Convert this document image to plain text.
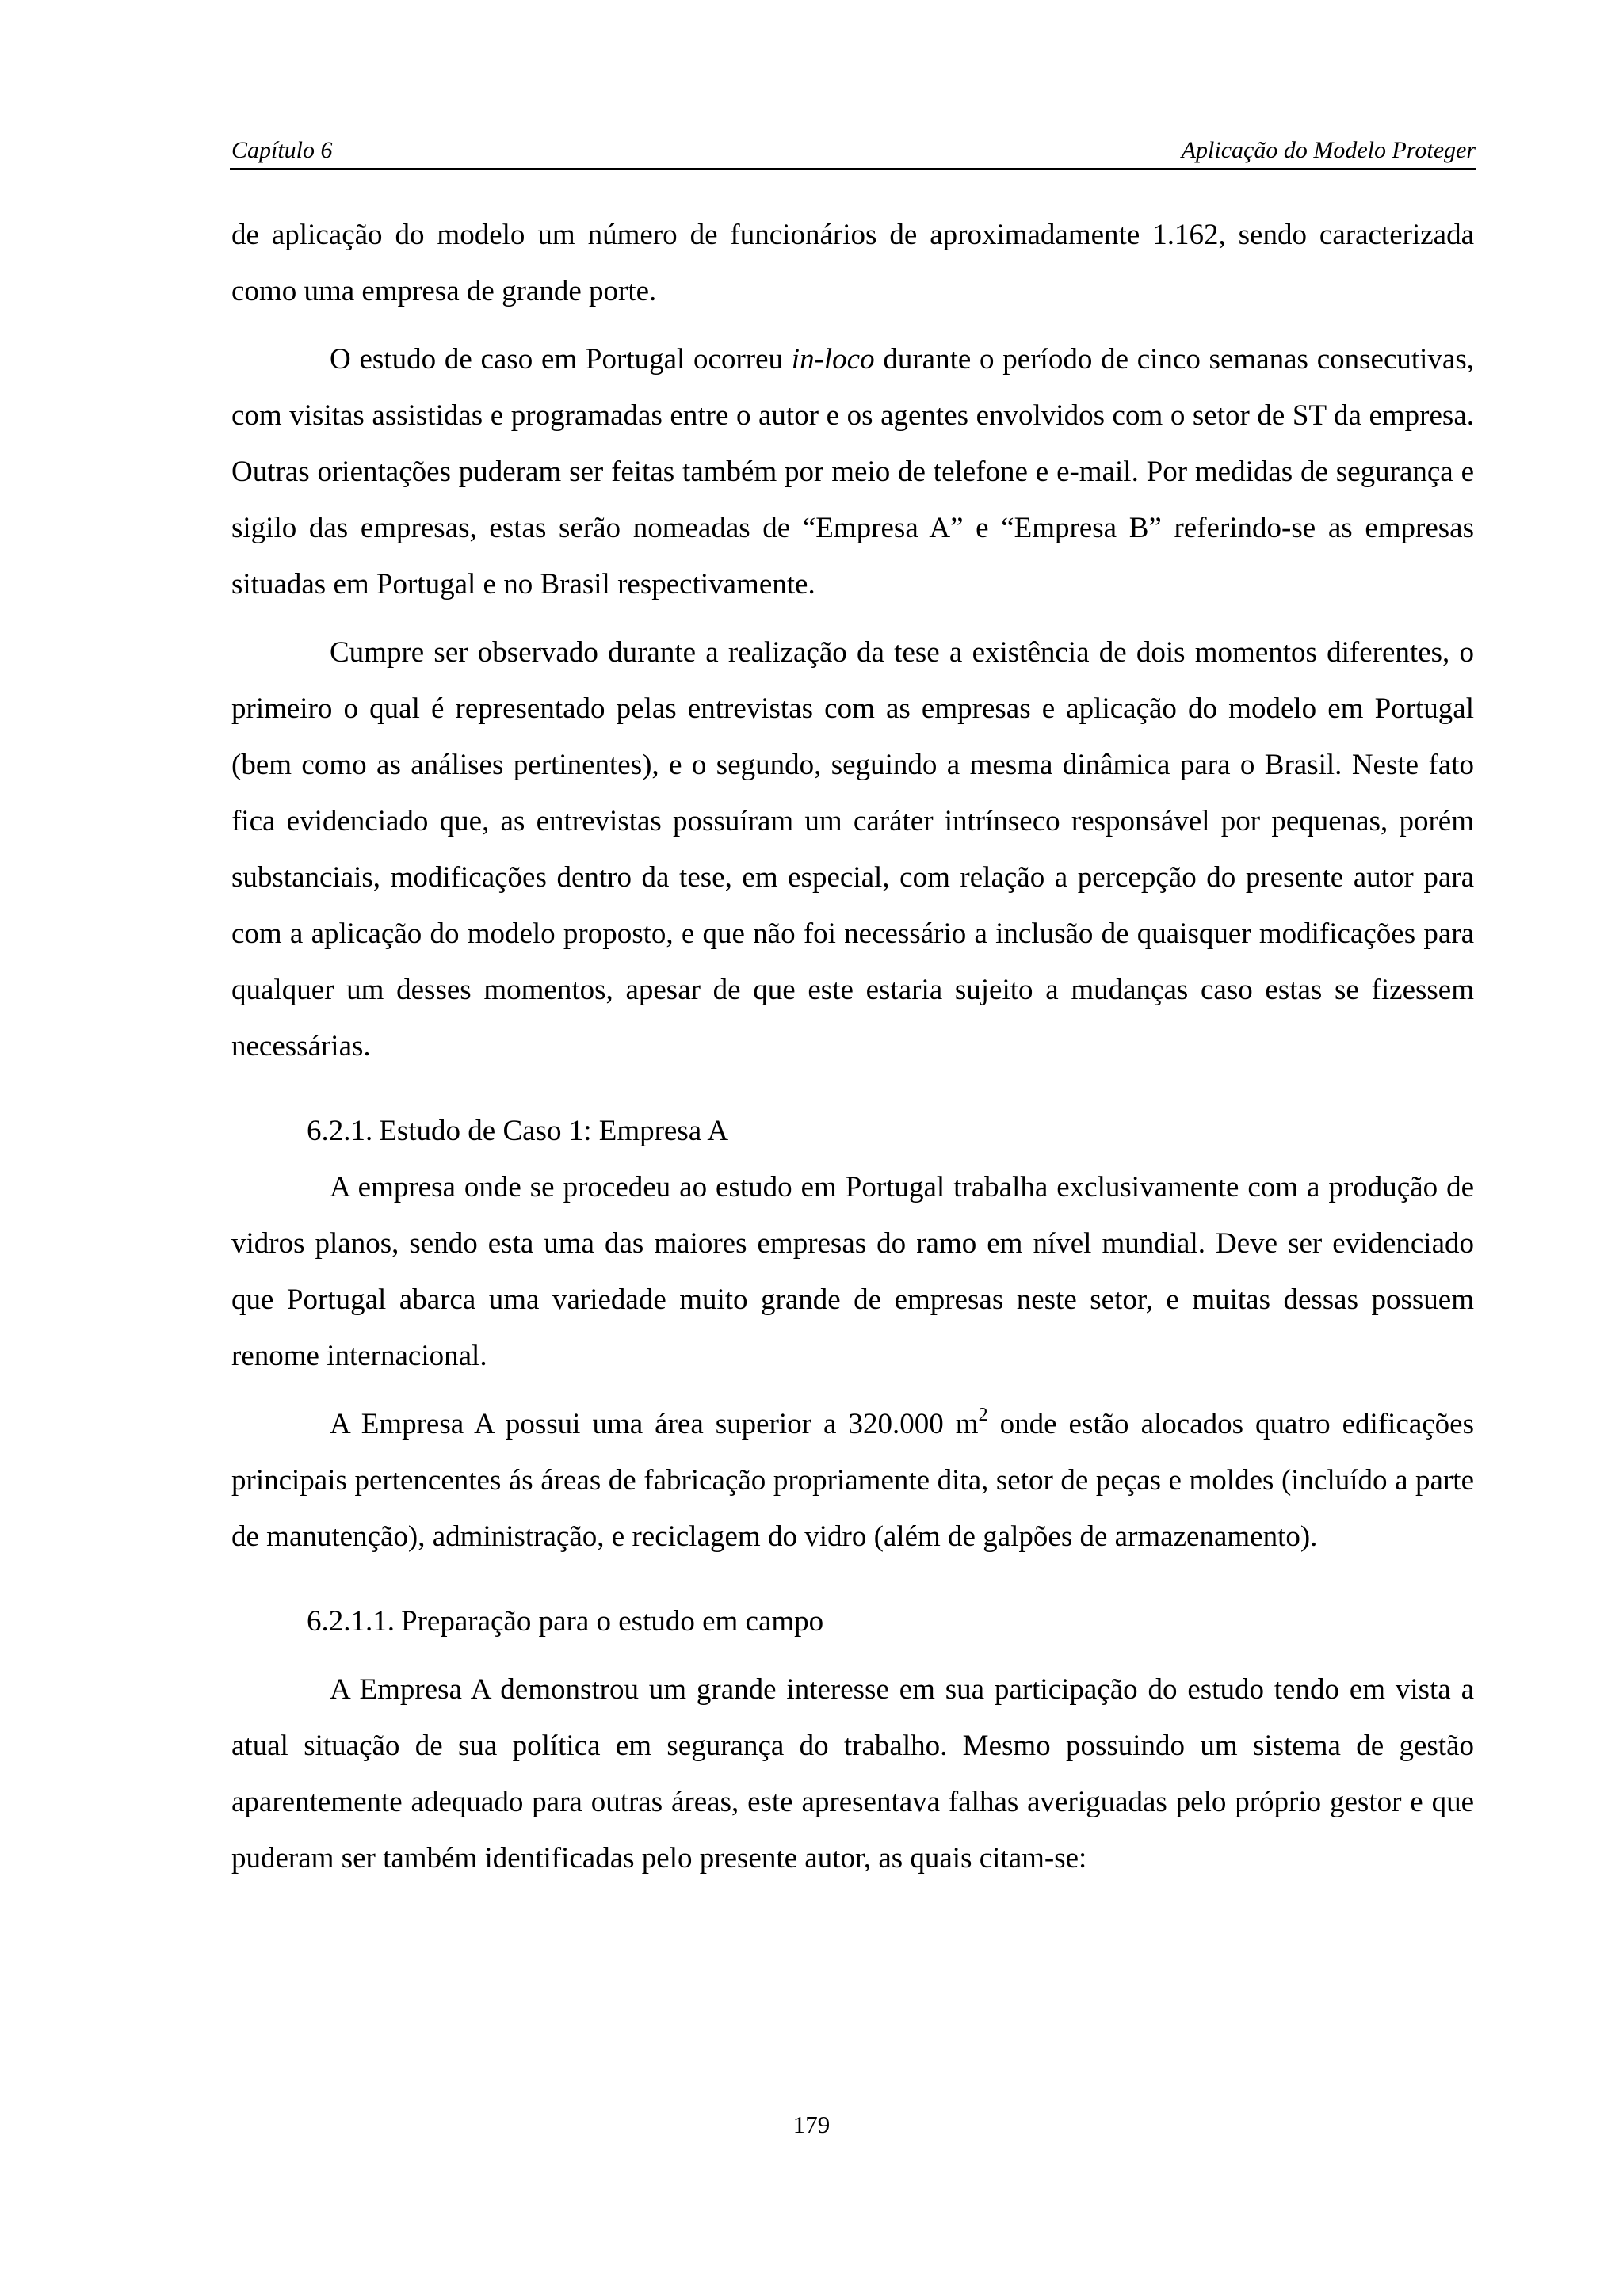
Capítulo 6	Aplicação do Modelo Proteger

de aplicação do modelo um número de funcionários de aproximadamente 1.162, sendo caracterizada como uma empresa de grande porte.

O estudo de caso em Portugal ocorreu in-loco durante o período de cinco semanas consecutivas, com visitas assistidas e programadas entre o autor e os agentes envolvidos com o setor de ST da empresa. Outras orientações puderam ser feitas também por meio de telefone e e-mail. Por medidas de segurança e sigilo das empresas, estas serão nomeadas de “Empresa A” e “Empresa B” referindo-se as empresas situadas em Portugal e no Brasil respectivamente.

Cumpre ser observado durante a realização da tese a existência de dois momentos diferentes, o primeiro o qual é representado pelas entrevistas com as empresas e aplicação do modelo em Portugal (bem como as análises pertinentes), e o segundo, seguindo a mesma dinâmica para o Brasil. Neste fato fica evidenciado que, as entrevistas possuíram um caráter intrínseco responsável por pequenas, porém substanciais, modificações dentro da tese, em especial, com relação a percepção do presente autor para com a aplicação do modelo proposto, e que não foi necessário a inclusão de quaisquer modificações para qualquer um desses momentos, apesar de que este estaria sujeito a mudanças caso estas se fizessem necessárias.

6.2.1. Estudo de Caso 1: Empresa A

A empresa onde se procedeu ao estudo em Portugal trabalha exclusivamente com a produção de vidros planos, sendo esta uma das maiores empresas do ramo em nível mundial. Deve ser evidenciado que Portugal abarca uma variedade muito grande de empresas neste setor, e muitas dessas possuem renome internacional.

A Empresa A possui uma área superior a 320.000 $m^2$ onde estão alocados quatro edificações principais pertencentes ás áreas de fabricação propriamente dita, setor de peças e moldes (incluído a parte de manutenção), administração, e reciclagem do vidro (além de galpões de armazenamento).

6.2.1.1. Preparação para o estudo em campo

A Empresa A demonstrou um grande interesse em sua participação do estudo tendo em vista a atual situação de sua política em segurança do trabalho. Mesmo possuindo um sistema de gestão aparentemente adequado para outras áreas, este apresentava falhas averiguadas pelo próprio gestor e que puderam ser também identificadas pelo presente autor, as quais citam-se:

179
